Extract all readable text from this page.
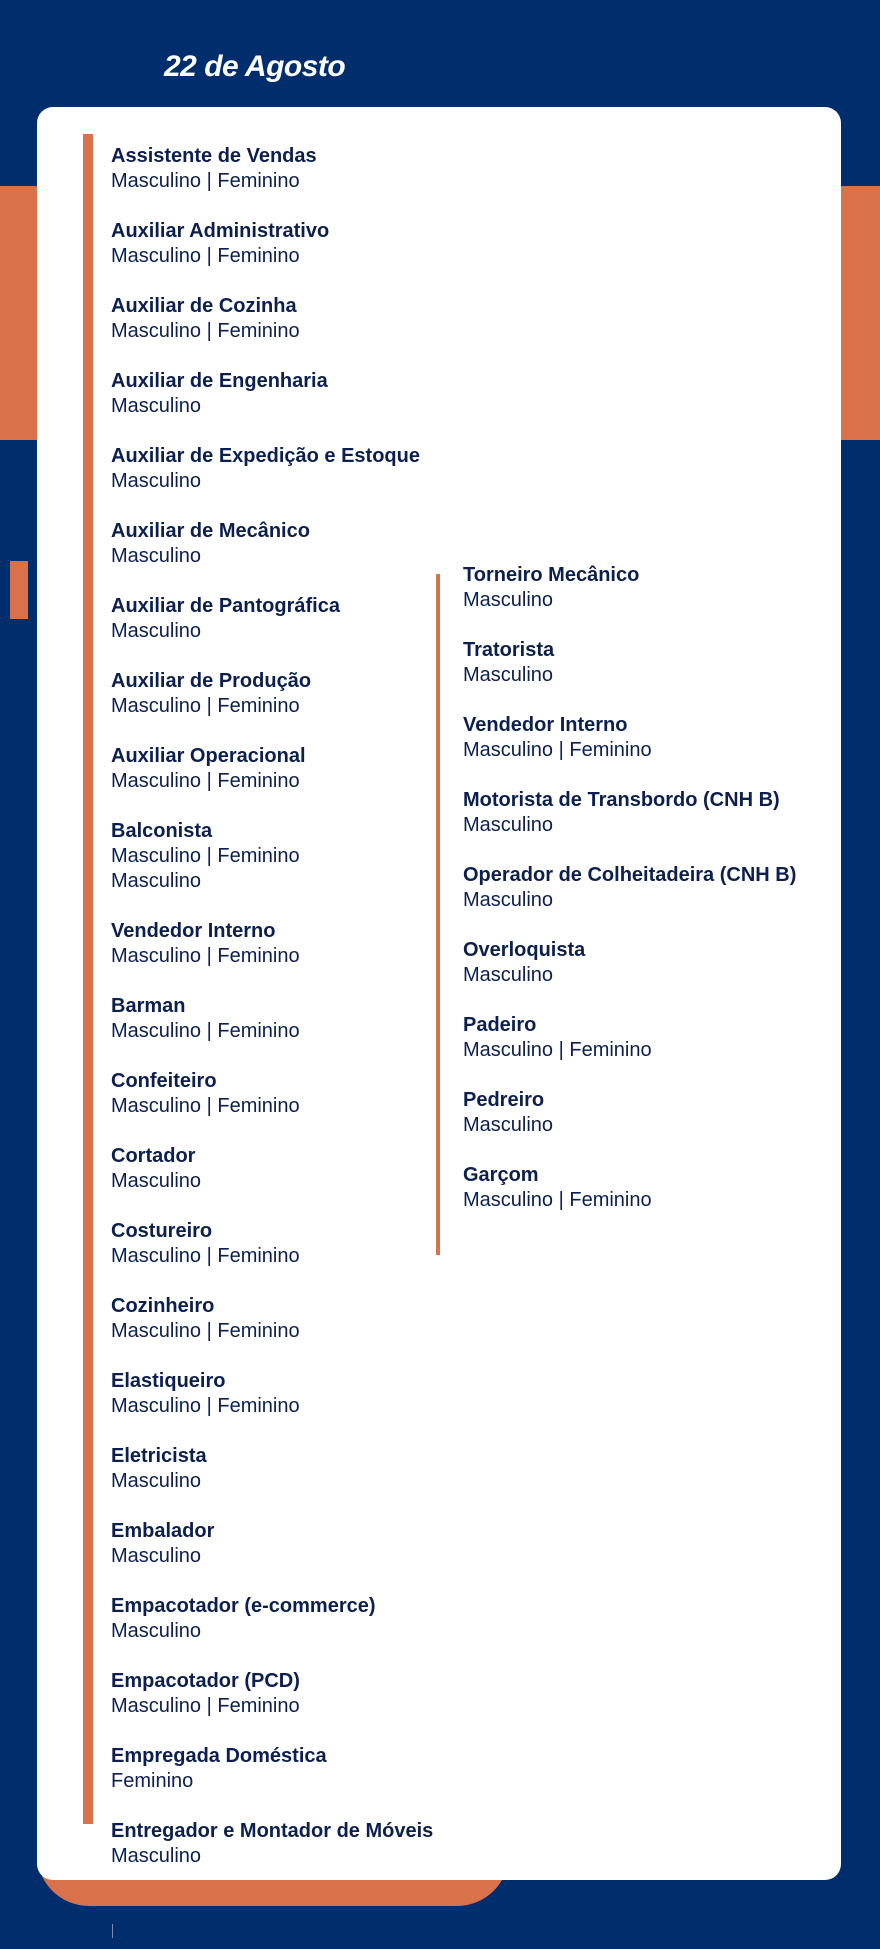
22 de Agosto
Assistente de Vendas
Masculino | Feminino
Auxiliar Administrativo
Masculino | Feminino
Auxiliar de Cozinha
Masculino | Feminino
Auxiliar de Engenharia
Masculino
Auxiliar de Expedição e Estoque
Masculino
Auxiliar de Mecânico
Masculino
Auxiliar de Pantográfica
Masculino
Auxiliar de Produção
Masculino | Feminino
Auxiliar Operacional
Masculino | Feminino
Balconista
Masculino | Feminino
Masculino
Vendedor Interno
Masculino | Feminino
Barman
Masculino | Feminino
Confeiteiro
Masculino | Feminino
Cortador
Masculino
Costureiro
Masculino | Feminino
Cozinheiro
Masculino | Feminino
Elastiqueiro
Masculino | Feminino
Eletricista
Masculino
Embalador
Masculino
Empacotador (e-commerce)
Masculino
Empacotador (PCD)
Masculino | Feminino
Empregada Doméstica
Feminino
Entregador e Montador de Móveis
Masculino
Torneiro Mecânico
Masculino
Tratorista
Masculino
Vendedor Interno
Masculino | Feminino
Motorista de Transbordo (CNH B)
Masculino
Operador de Colheitadeira (CNH B)
Masculino
Overloquista
Masculino
Padeiro
Masculino | Feminino
Pedreiro
Masculino
Garçom
Masculino | Feminino
